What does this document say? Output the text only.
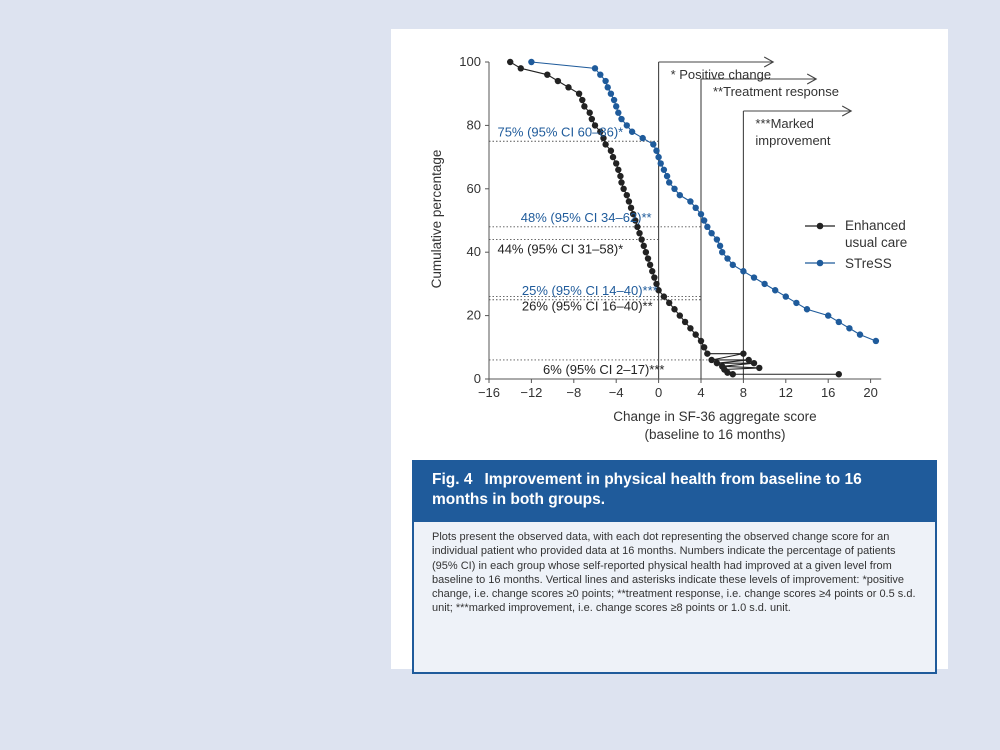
0
20
40
60
80
100
−16 −12 −8 −4 0	4	8 12 16 20
Change in SF-36 aggregate score
(baseline to 16 months)
Cumulative percentage
* Positive change
**Treatment response
***Marked
improvement
75% (95% CI 60–86)*
48% (95% CI 34–62)**
44% (95% CI 31–58)*
25% (95% CI 14–40)***
26% (95% CI 16–40)**
6% (95% CI 2–17)***
Enhanced
usual care
STreSS
Fig. 4 Improvement in physical health from baseline to 16 months in both groups.
Plots present the observed data, with each dot representing the observed change score for an individual patient who provided data at 16 months. Numbers indicate the percentage of patients (95% CI) in each group whose self-reported physical health had improved at a given level from baseline to 16 months. Vertical lines and asterisks indicate these levels of improvement: *positive change, i.e. change scores ≥0 points; **treatment response, i.e. change scores ≥4 points or 0.5 s.d. unit; ***marked improvement, i.e. change scores ≥8 points or 1.0 s.d. unit.
